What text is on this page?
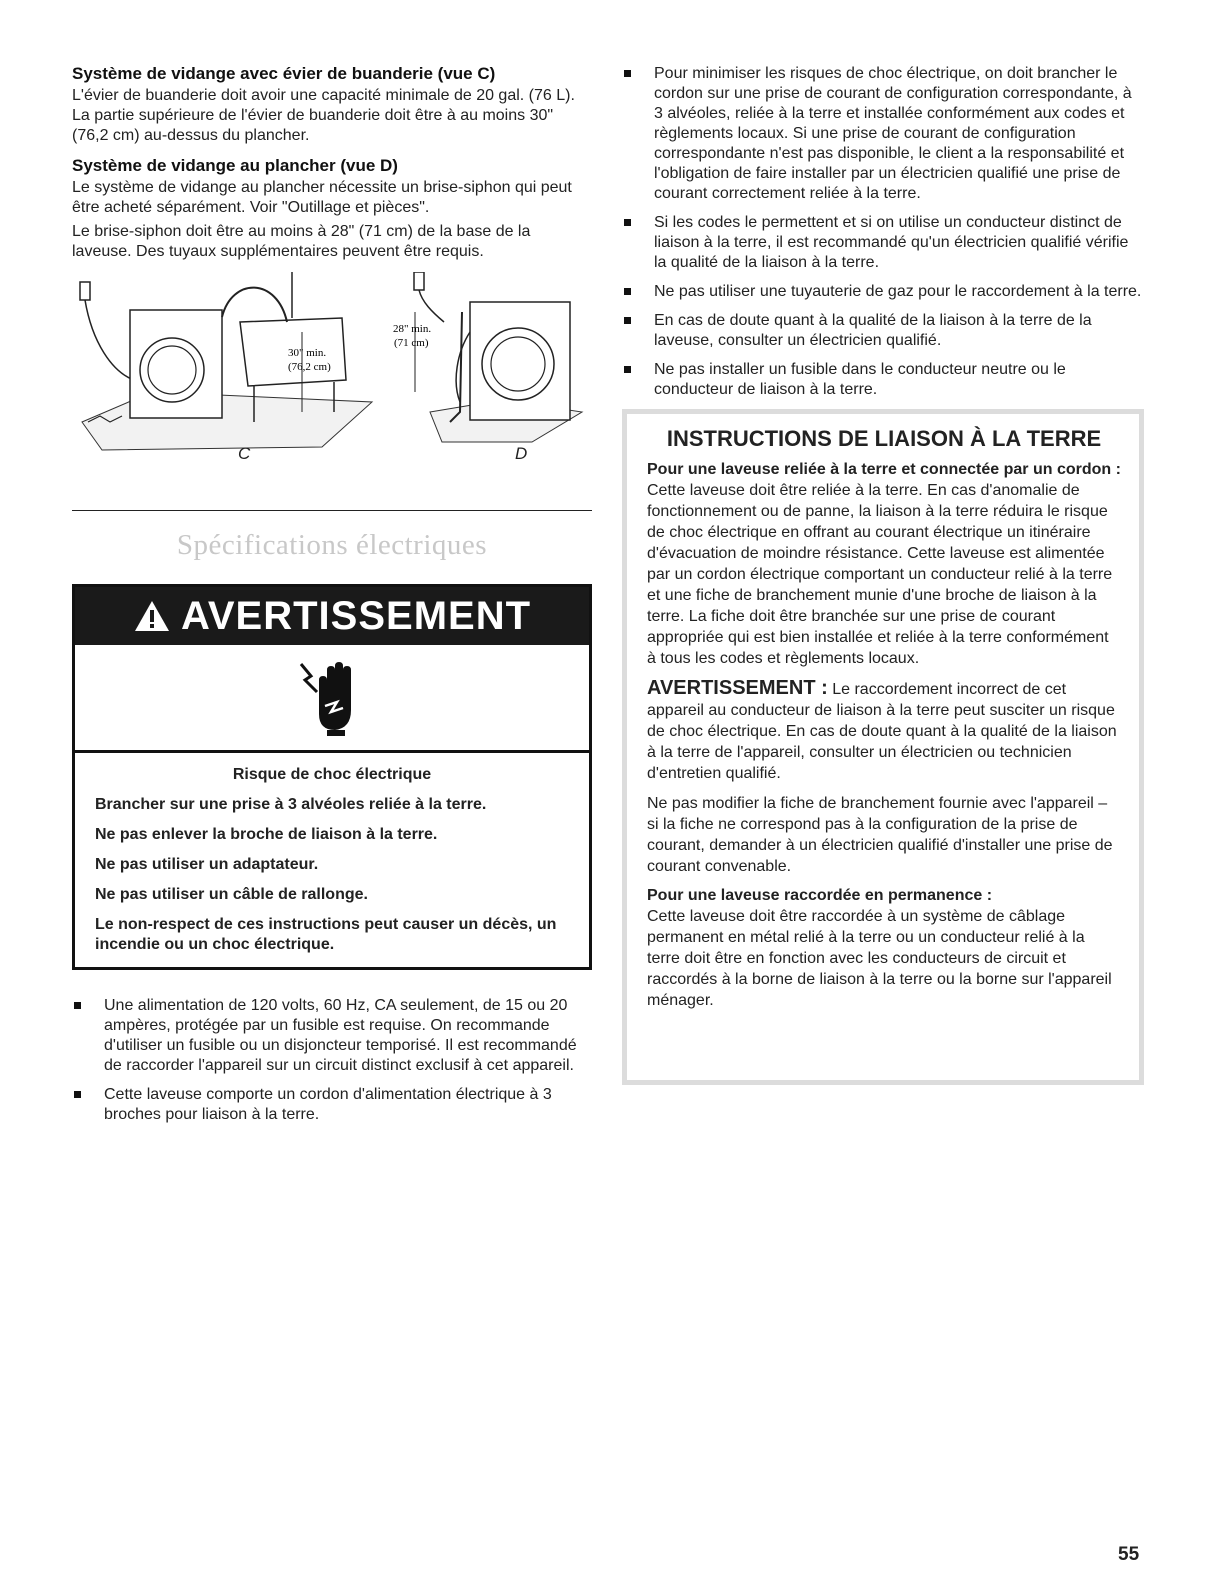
Système de vidange avec évier de buanderie (vue C)

L'évier de buanderie doit avoir une capacité minimale de 20 gal. (76 L). La partie supérieure de l'évier de buanderie doit être à au moins 30" (76,2 cm) au-dessus du plancher.

Système de vidange au plancher (vue D)

Le système de vidange au plancher nécessite un brise-siphon qui peut être acheté séparément. Voir "Outillage et pièces".

Le brise-siphon doit être au moins à 28" (71 cm) de la base de la laveuse. Des tuyaux supplémentaires peuvent être requis.

30" min.
(76,2 cm)
28" min.
(71 cm)
C	D
Spécifications électriques
AVERTISSEMENT

Risque de choc électrique

Brancher sur une prise à 3 alvéoles reliée à la terre.

Ne pas enlever la broche de liaison à la terre.

Ne pas utiliser un adaptateur.

Ne pas utiliser un câble de rallonge.

Le non-respect de ces instructions peut causer un décès, un incendie ou un choc électrique.

Une alimentation de 120 volts, 60 Hz, CA seulement, de 15 ou 20 ampères, protégée par un fusible est requise. On recommande d'utiliser un fusible ou un disjoncteur temporisé. Il est recommandé de raccorder l'appareil sur un circuit distinct exclusif à cet appareil.
Cette laveuse comporte un cordon d'alimentation électrique à 3 broches pour liaison à la terre.
Pour minimiser les risques de choc électrique, on doit brancher le cordon sur une prise de courant de configuration correspondante, à 3 alvéoles, reliée à la terre et installée conformément aux codes et règlements locaux. Si une prise de courant de configuration correspondante n'est pas disponible, le client a la responsabilité et l'obligation de faire installer par un électricien qualifié une prise de courant correctement reliée à la terre.
Si les codes le permettent et si on utilise un conducteur distinct de liaison à la terre, il est recommandé qu'un électricien qualifié vérifie la qualité de la liaison à la terre.
Ne pas utiliser une tuyauterie de gaz pour le raccordement à la terre.
En cas de doute quant à la qualité de la liaison à la terre de la laveuse, consulter un électricien qualifié.
Ne pas installer un fusible dans le conducteur neutre ou le conducteur de liaison à la terre.
INSTRUCTIONS DE LIAISON À LA TERRE

Pour une laveuse reliée à la terre et connectée par un cordon :

Cette laveuse doit être reliée à la terre. En cas d'anomalie de fonctionnement ou de panne, la liaison à la terre réduira le risque de choc électrique en offrant au courant électrique un itinéraire d'évacuation de moindre résistance. Cette laveuse est alimentée par un cordon électrique comportant un conducteur relié à la terre et une fiche de branchement munie d'une broche de liaison à la terre. La fiche doit être branchée sur une prise de courant appropriée qui est bien installée et reliée à la terre conformément à tous les codes et règlements locaux.

AVERTISSEMENT : Le raccordement incorrect de cet appareil au conducteur de liaison à la terre peut susciter un risque de choc électrique. En cas de doute quant à la qualité de la liaison à la terre de l'appareil, consulter un électricien ou technicien d'entretien qualifié.

Ne pas modifier la fiche de branchement fournie avec l'appareil – si la fiche ne correspond pas à la configuration de la prise de courant, demander à un électricien qualifié d'installer une prise de courant convenable.

Pour une laveuse raccordée en permanence :

Cette laveuse doit être raccordée à un système de câblage permanent en métal relié à la terre ou un conducteur relié à la terre doit être en fonction avec les conducteurs de circuit et raccordés à la borne de liaison à la terre ou la borne sur l'appareil ménager.

55
